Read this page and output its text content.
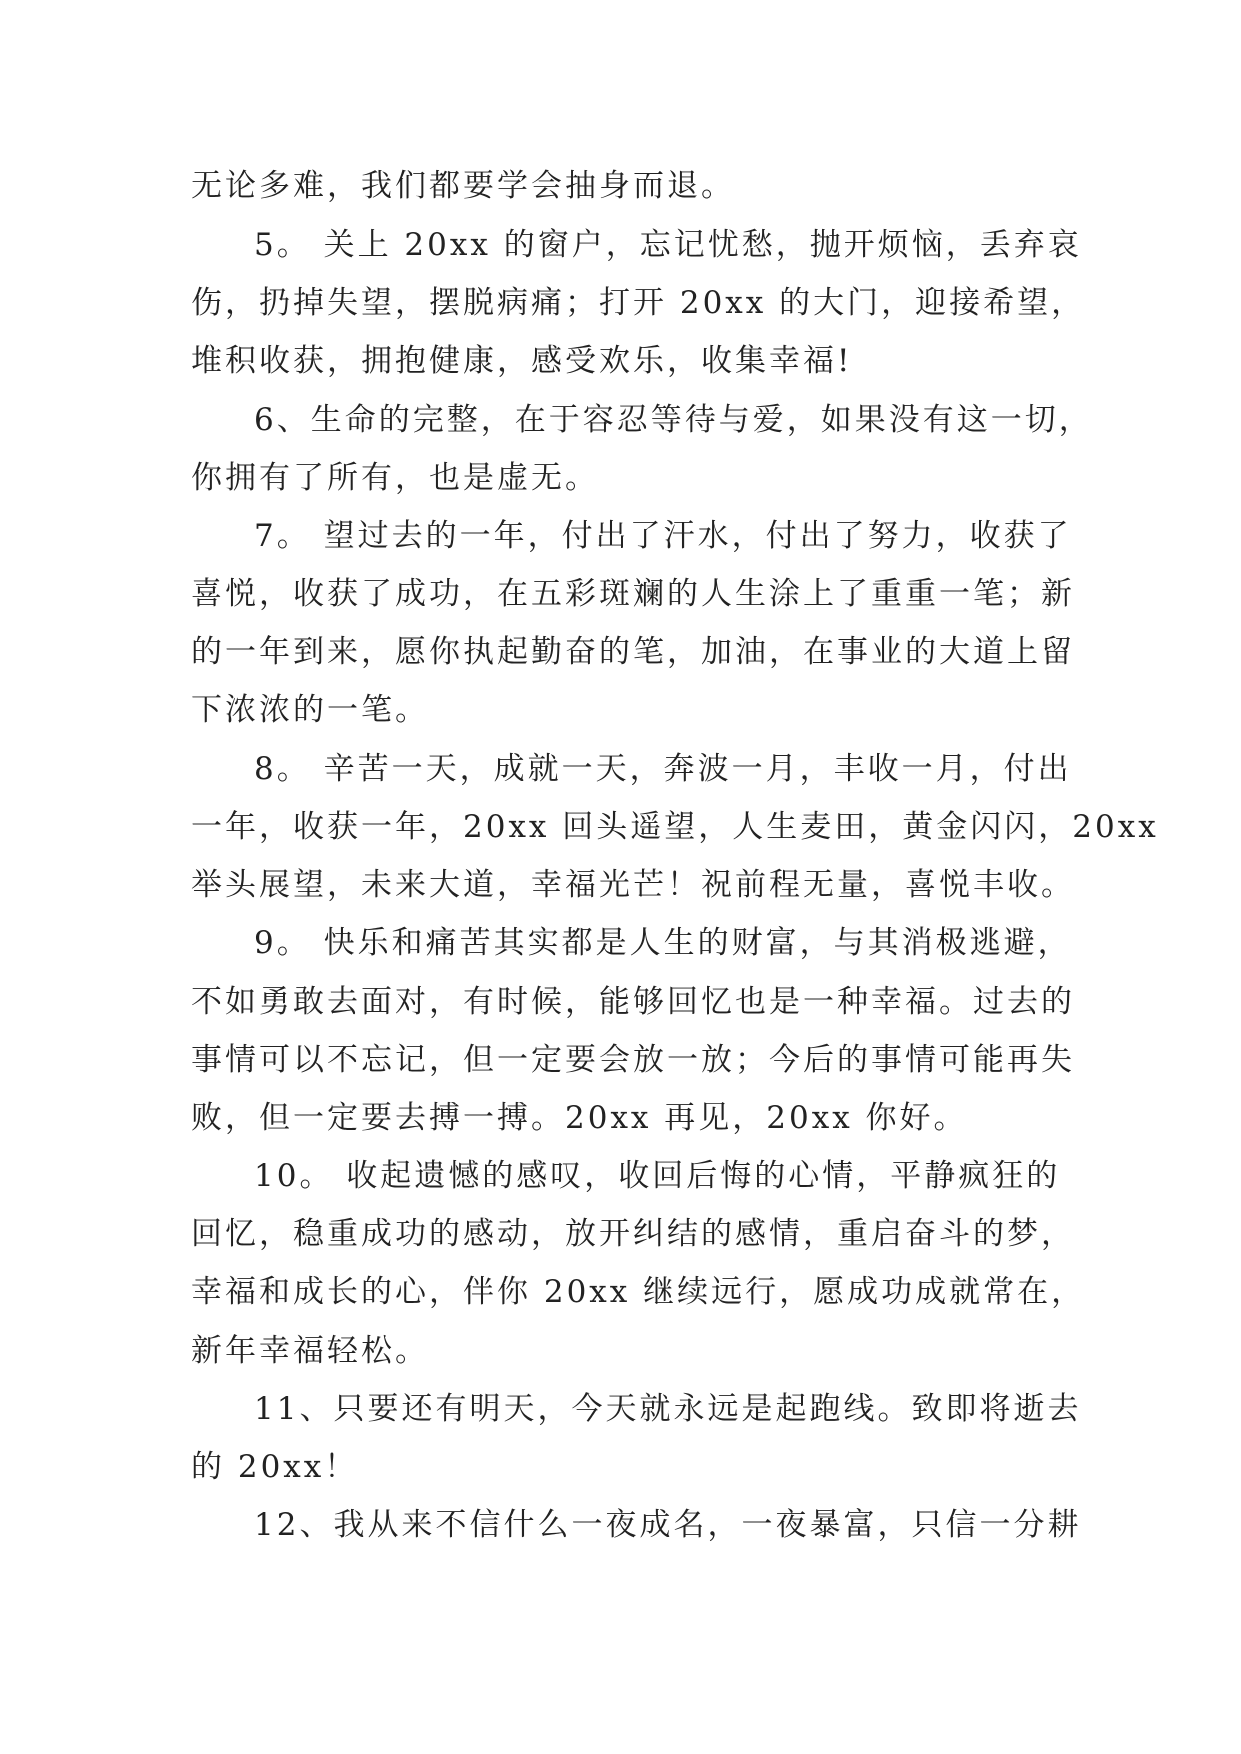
无论多难，我们都要学会抽身而退。
5。 关上 20xx 的窗户，忘记忧愁，抛开烦恼，丢弃哀
伤，扔掉失望，摆脱病痛；打开 20xx 的大门，迎接希望，
堆积收获，拥抱健康，感受欢乐，收集幸福!
6、生命的完整，在于容忍等待与爱，如果没有这一切，
你拥有了所有，也是虚无。
7。 望过去的一年，付出了汗水，付出了努力，收获了
喜悦，收获了成功，在五彩斑斓的人生涂上了重重一笔；新
的一年到来，愿你执起勤奋的笔，加油，在事业的大道上留
下浓浓的一笔。
8。 辛苦一天，成就一天，奔波一月，丰收一月，付出
一年，收获一年，20xx 回头遥望，人生麦田，黄金闪闪，20xx
举头展望，未来大道，幸福光芒！祝前程无量，喜悦丰收。
9。 快乐和痛苦其实都是人生的财富，与其消极逃避，
不如勇敢去面对，有时候，能够回忆也是一种幸福。过去的
事情可以不忘记，但一定要会放一放；今后的事情可能再失
败，但一定要去搏一搏。20xx 再见，20xx 你好。
10。 收起遗憾的感叹，收回后悔的心情，平静疯狂的
回忆，稳重成功的感动，放开纠结的感情，重启奋斗的梦，
幸福和成长的心，伴你 20xx 继续远行，愿成功成就常在，
新年幸福轻松。
11、只要还有明天，今天就永远是起跑线。致即将逝去
的 20xx！
12、我从来不信什么一夜成名，一夜暴富，只信一分耕
